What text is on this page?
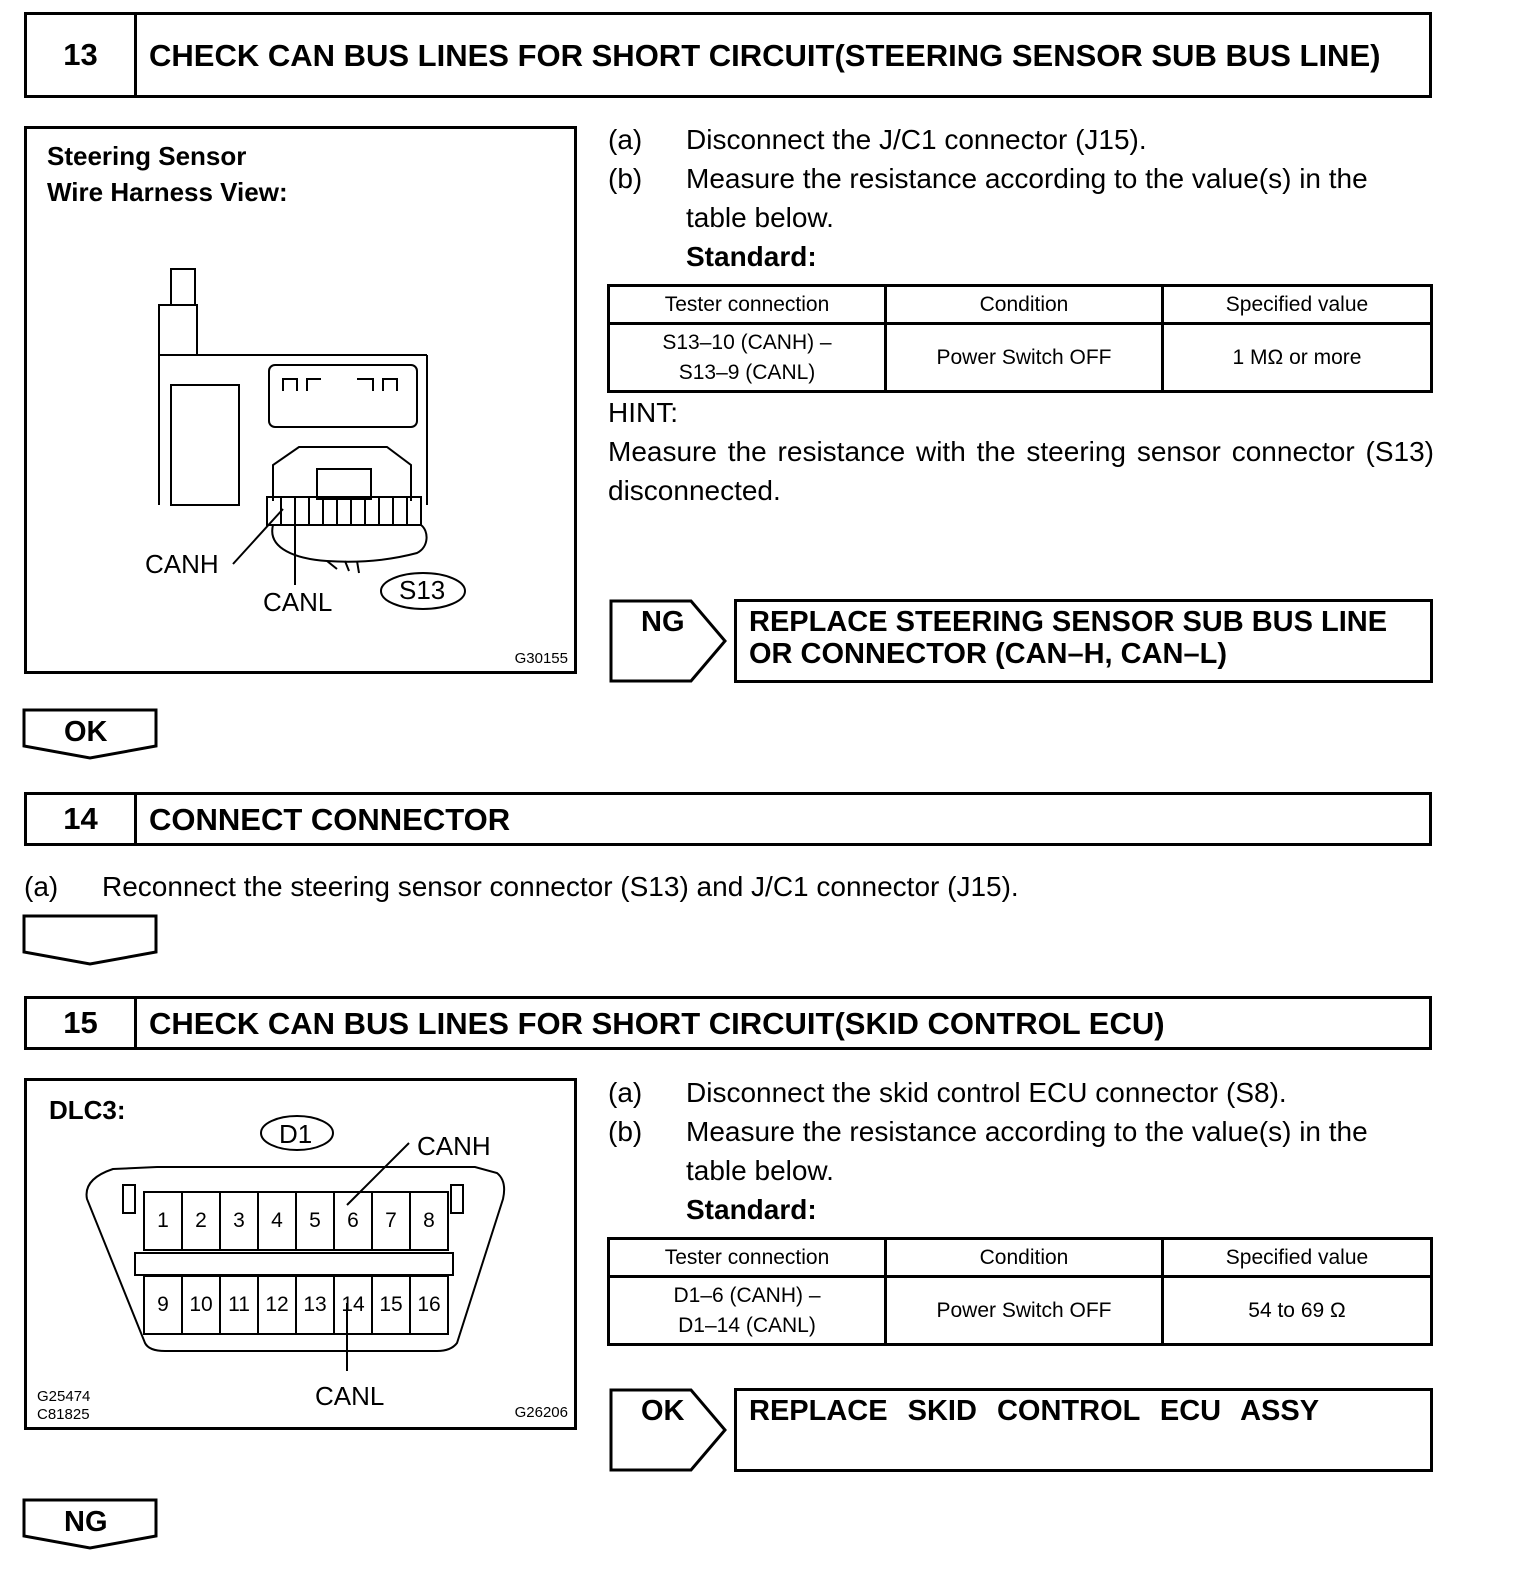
13	CHECK CAN BUS LINES FOR SHORT CIRCUIT(STEERING SENSOR SUB BUS LINE)
Steering Sensor
Wire Harness View:
CANH
CANL	S13
G30155
(a)	Disconnect the J/C1 connector (J15).
(b)	Measure the resistance according to the value(s) in the table below.
Standard:
Tester connection	Condition	Specified value

S13–10 (CANH) –
S13–9 (CANL)	Power Switch OFF	1 MΩ or more
HINT:
Measure the resistance with the steering sensor connector (S13) disconnected.
NG	REPLACE STEERING SENSOR SUB BUS LINE OR CONNECTOR (CAN–H, CAN–L)
OK
14	CONNECT CONNECTOR
(a)	Reconnect the steering sensor connector (S13) and J/C1 connector (J15).
15	CHECK CAN BUS LINES FOR SHORT CIRCUIT(SKID CONTROL ECU)
DLC3:
D1	CANH
CANL
1	2	3	4	5	6	7	8
9 10 11 12 13 14 15 16
G25474
C81825	G26206
(a)	Disconnect the skid control ECU connector (S8).
(b)	Measure the resistance according to the value(s) in the table below.
Standard:
Tester connection	Condition	Specified value

D1–6 (CANH) –
D1–14 (CANL)	Power Switch OFF	54 to 69 Ω
OK	REPLACE SKID CONTROL ECU ASSY
NG
